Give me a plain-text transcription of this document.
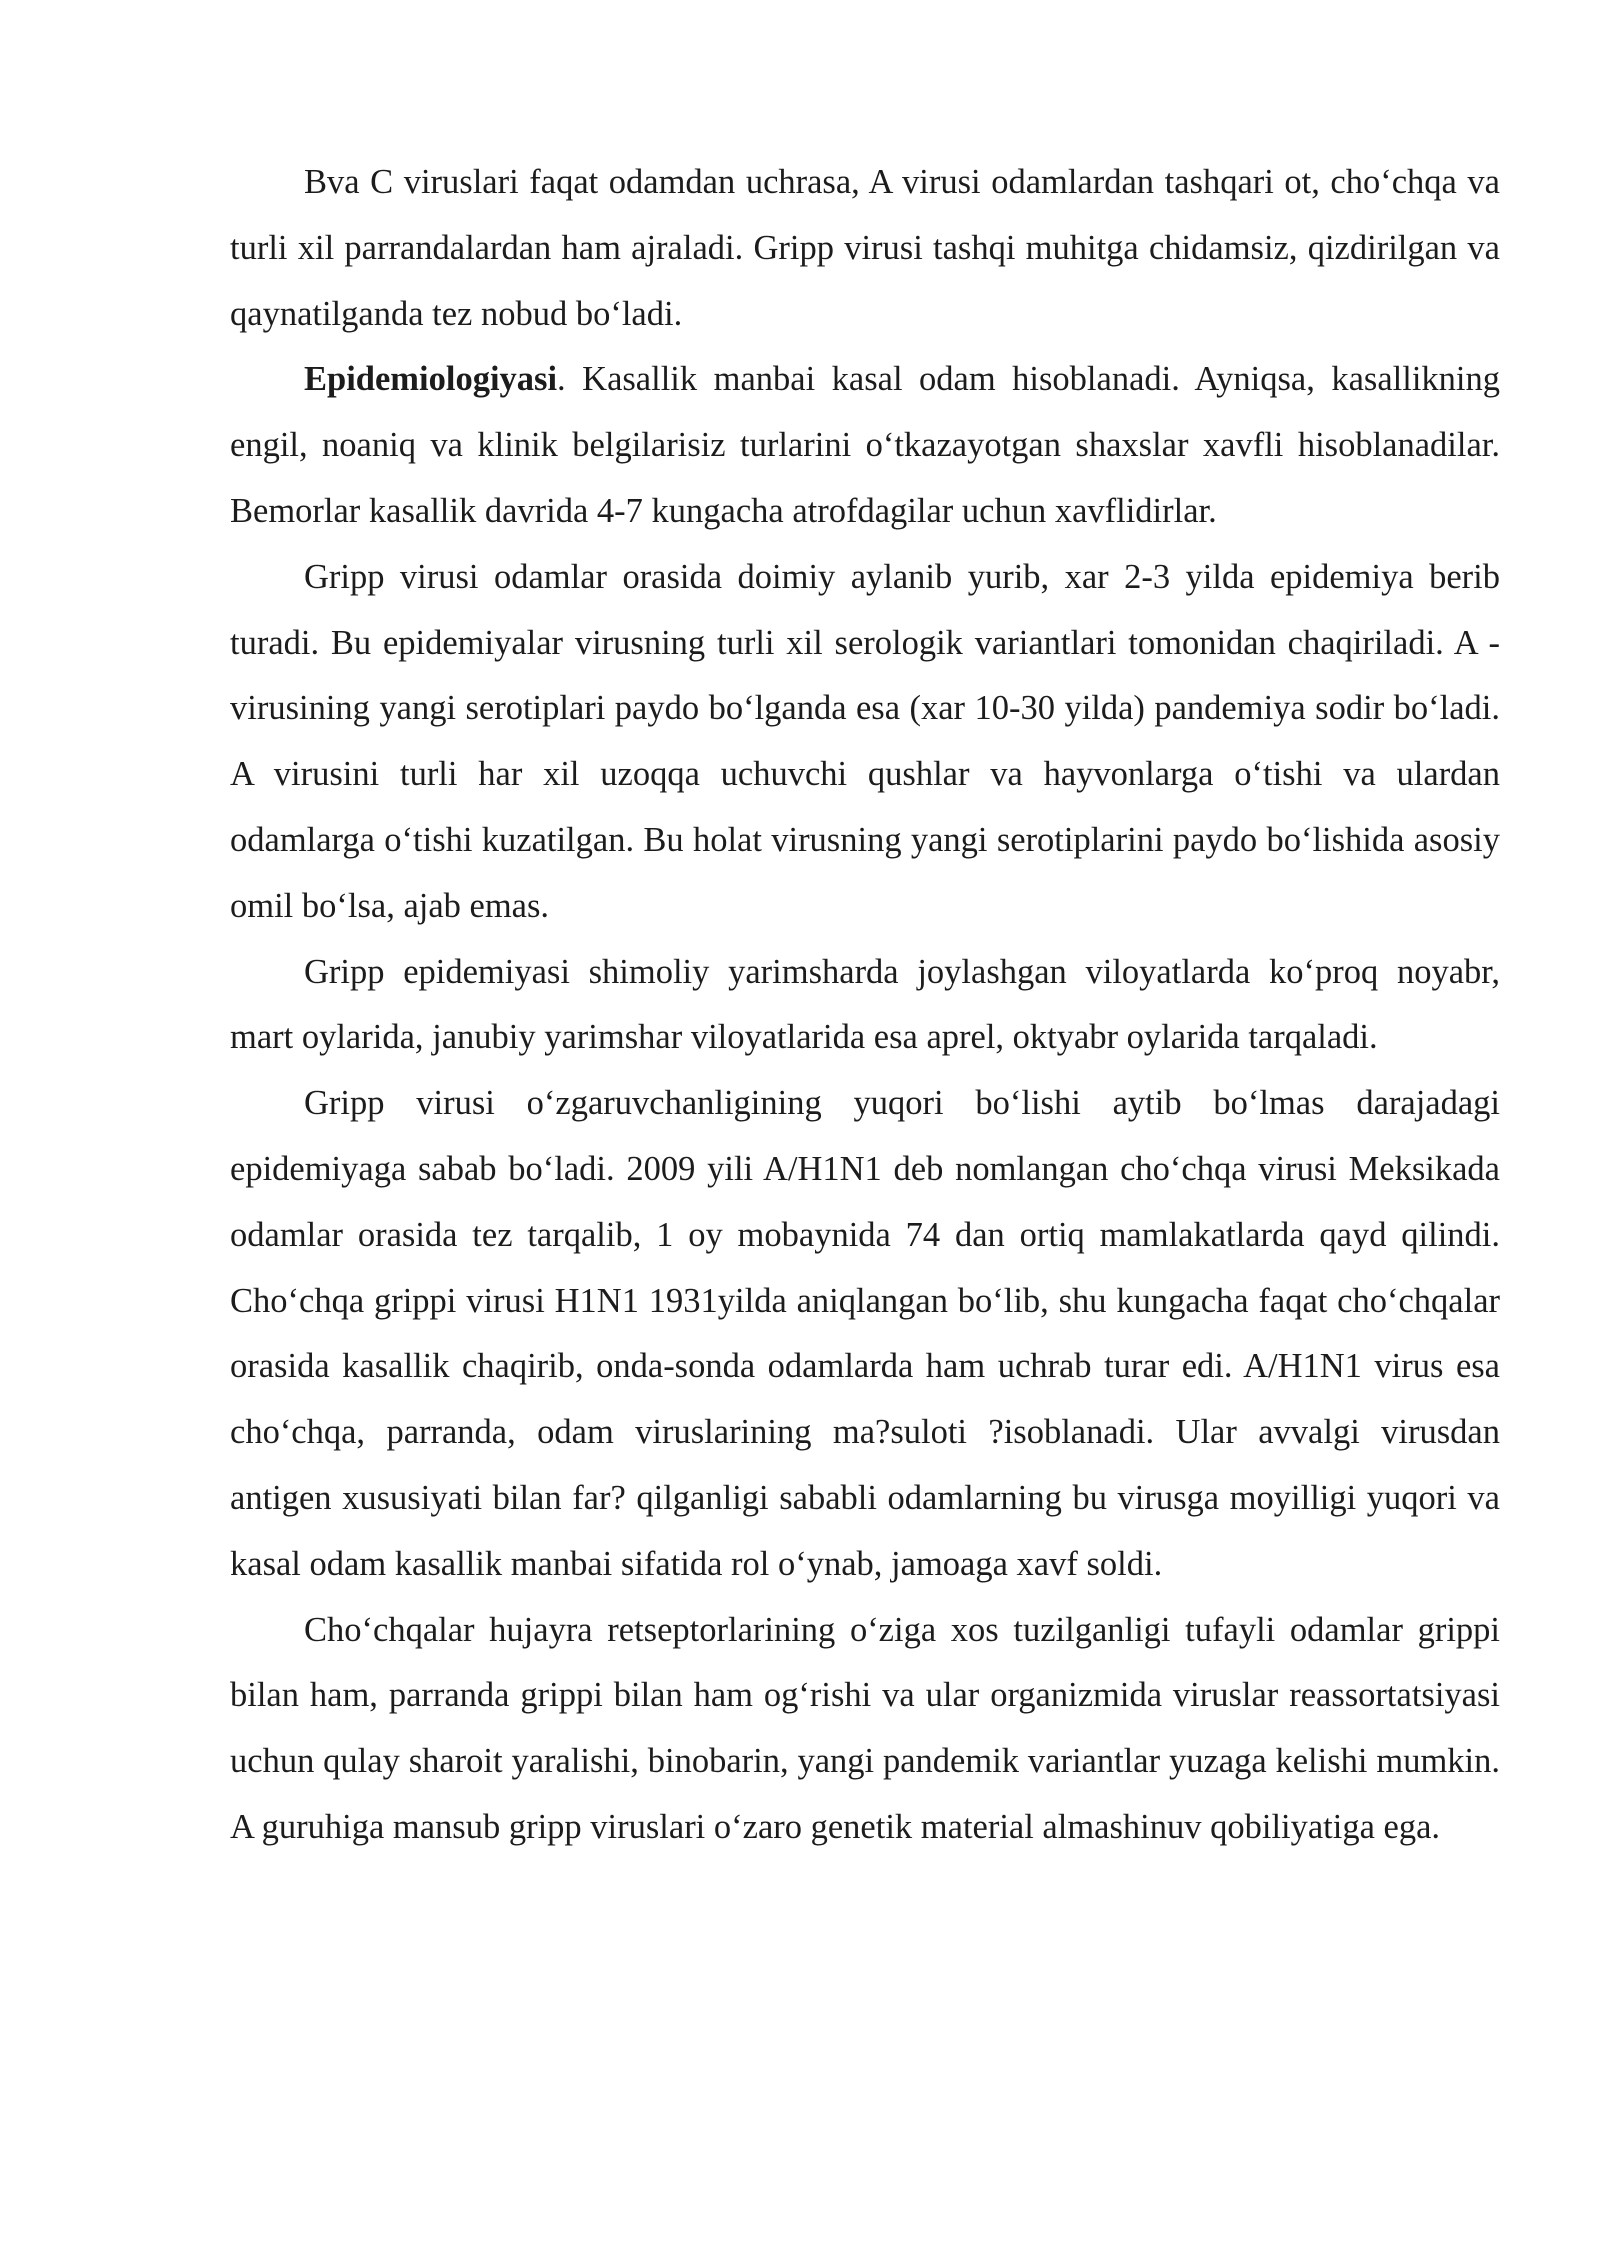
Bva C viruslari faqat odamdan uchrasa, A virusi odamlardan tashqari ot, cho‘chqa va turli xil parrandalardan ham ajraladi. Gripp virusi tashqi muhitga chidamsiz, qizdirilgan va qaynatilganda tez nobud bo‘ladi.

Epidemiologiyasi. Kasallik manbai kasal odam hisoblanadi. Ayniqsa, kasallikning engil, noaniq va klinik belgilarisiz turlarini o‘tkazayotgan shaxslar xavfli hisoblanadilar. Bemorlar kasallik davrida 4-7 kungacha atrofdagilar uchun xavflidirlar.

Gripp virusi odamlar orasida doimiy aylanib yurib, xar 2-3 yilda epidemiya berib turadi. Bu epidemiyalar virusning turli xil serologik variantlari tomonidan chaqiriladi. A - virusining yangi serotiplari paydo bo‘lganda esa (xar 10-30 yilda) pandemiya sodir bo‘ladi. A virusini turli har xil uzoqqa uchuvchi qushlar va hayvonlarga o‘tishi va ulardan odamlarga o‘tishi kuzatilgan. Bu holat virusning yangi serotiplarini paydo bo‘lishida asosiy omil bo‘lsa, ajab emas.

Gripp epidemiyasi shimoliy yarimsharda joylashgan viloyatlarda ko‘proq noyabr, mart oylarida, janubiy yarimshar viloyatlarida esa aprel, oktyabr oylarida tarqaladi.

Gripp virusi o‘zgaruvchanligining yuqori bo‘lishi aytib bo‘lmas darajadagi epidemiyaga sabab bo‘ladi. 2009 yili A/H1N1 deb nomlangan cho‘chqa virusi Meksikada odamlar orasida tez tarqalib, 1 oy mobaynida 74 dan ortiq mamlakatlarda qayd qilindi. Cho‘chqa grippi virusi H1N1 1931yilda aniqlangan bo‘lib, shu kungacha faqat cho‘chqalar orasida kasallik chaqirib, onda-sonda odamlarda ham uchrab turar edi. A/H1N1 virus esa cho‘chqa, parranda, odam viruslarining ma?suloti ?isoblanadi. Ular avvalgi virusdan antigen xususiyati bilan far? qilganligi sababli odamlarning bu virusga moyilligi yuqori va kasal odam kasallik manbai sifatida rol o‘ynab, jamoaga xavf soldi.

Cho‘chqalar hujayra retseptorlarining o‘ziga xos tuzilganligi tufayli odamlar grippi bilan ham, parranda grippi bilan ham og‘rishi va ular organizmida viruslar reassortatsiyasi uchun qulay sharoit yaralishi, binobarin, yangi pandemik variantlar yuzaga kelishi mumkin. A guruhiga mansub gripp viruslari o‘zaro genetik material almashinuv qobiliyatiga ega.
